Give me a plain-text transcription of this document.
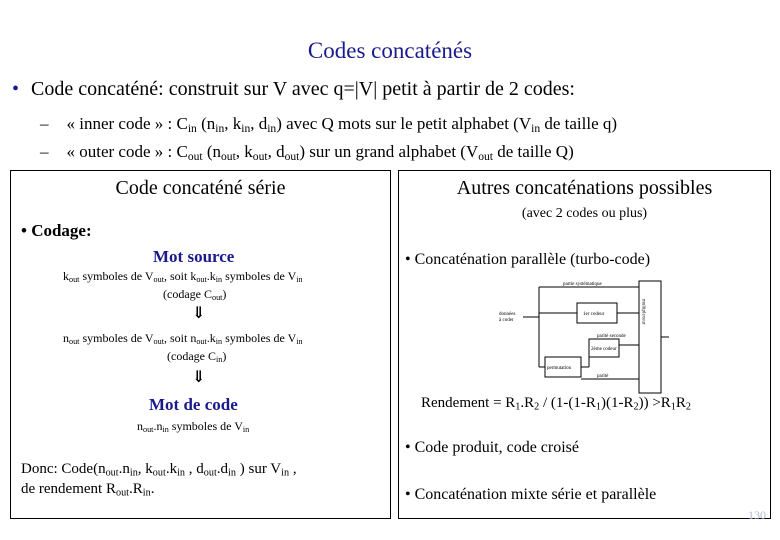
Codes concaténés
• Code concaténé: construit sur V avec q=|V| petit à partir de 2 codes:
– « inner code » : $C_{in}$ ($n_{in}$, $k_{in}$, $d_{in}$) avec Q mots sur le petit alphabet ($V_{in}$ de taille q)
– « outer code » : $C_{out}$ ($n_{out}$, $k_{out}$, $d_{out}$) sur un grand alphabet ($V_{out}$ de taille Q)
Code concaténé série
• Codage:
Mot source
$k_{out}$ symboles de $V_{out}$, soit $k_{out}.k_{in}$ symboles de $V_{in}$
(codage $C_{out}$)
⇓
$n_{out}$ symboles de $V_{out}$, soit $n_{out}.k_{in}$ symboles de $V_{in}$
(codage $C_{in}$)
⇓
Mot de code
$n_{out}.n_{in}$ symboles de $V_{in}$
Donc: $Code(n_{out}.n_{in}$, $k_{out}.k_{in}$ , $d_{out}.d_{in}$ ) sur $V_{in}$ ,
de rendement $R_{out}.R_{in}$.
Autres concaténations possibles
(avec 2 codes ou plus)
• Concaténation parallèle (turbo-code)
données
à coder
partie systématique
1er codeur
permutation
2ème codeur
parité seconde
parité
multiplexeur
Rendement = $R_1.R_2 / (1-(1-R_1)(1-R_2)) >R_1R_2$
• Code produit, code croisé
• Concaténation mixte série et parallèle
130
